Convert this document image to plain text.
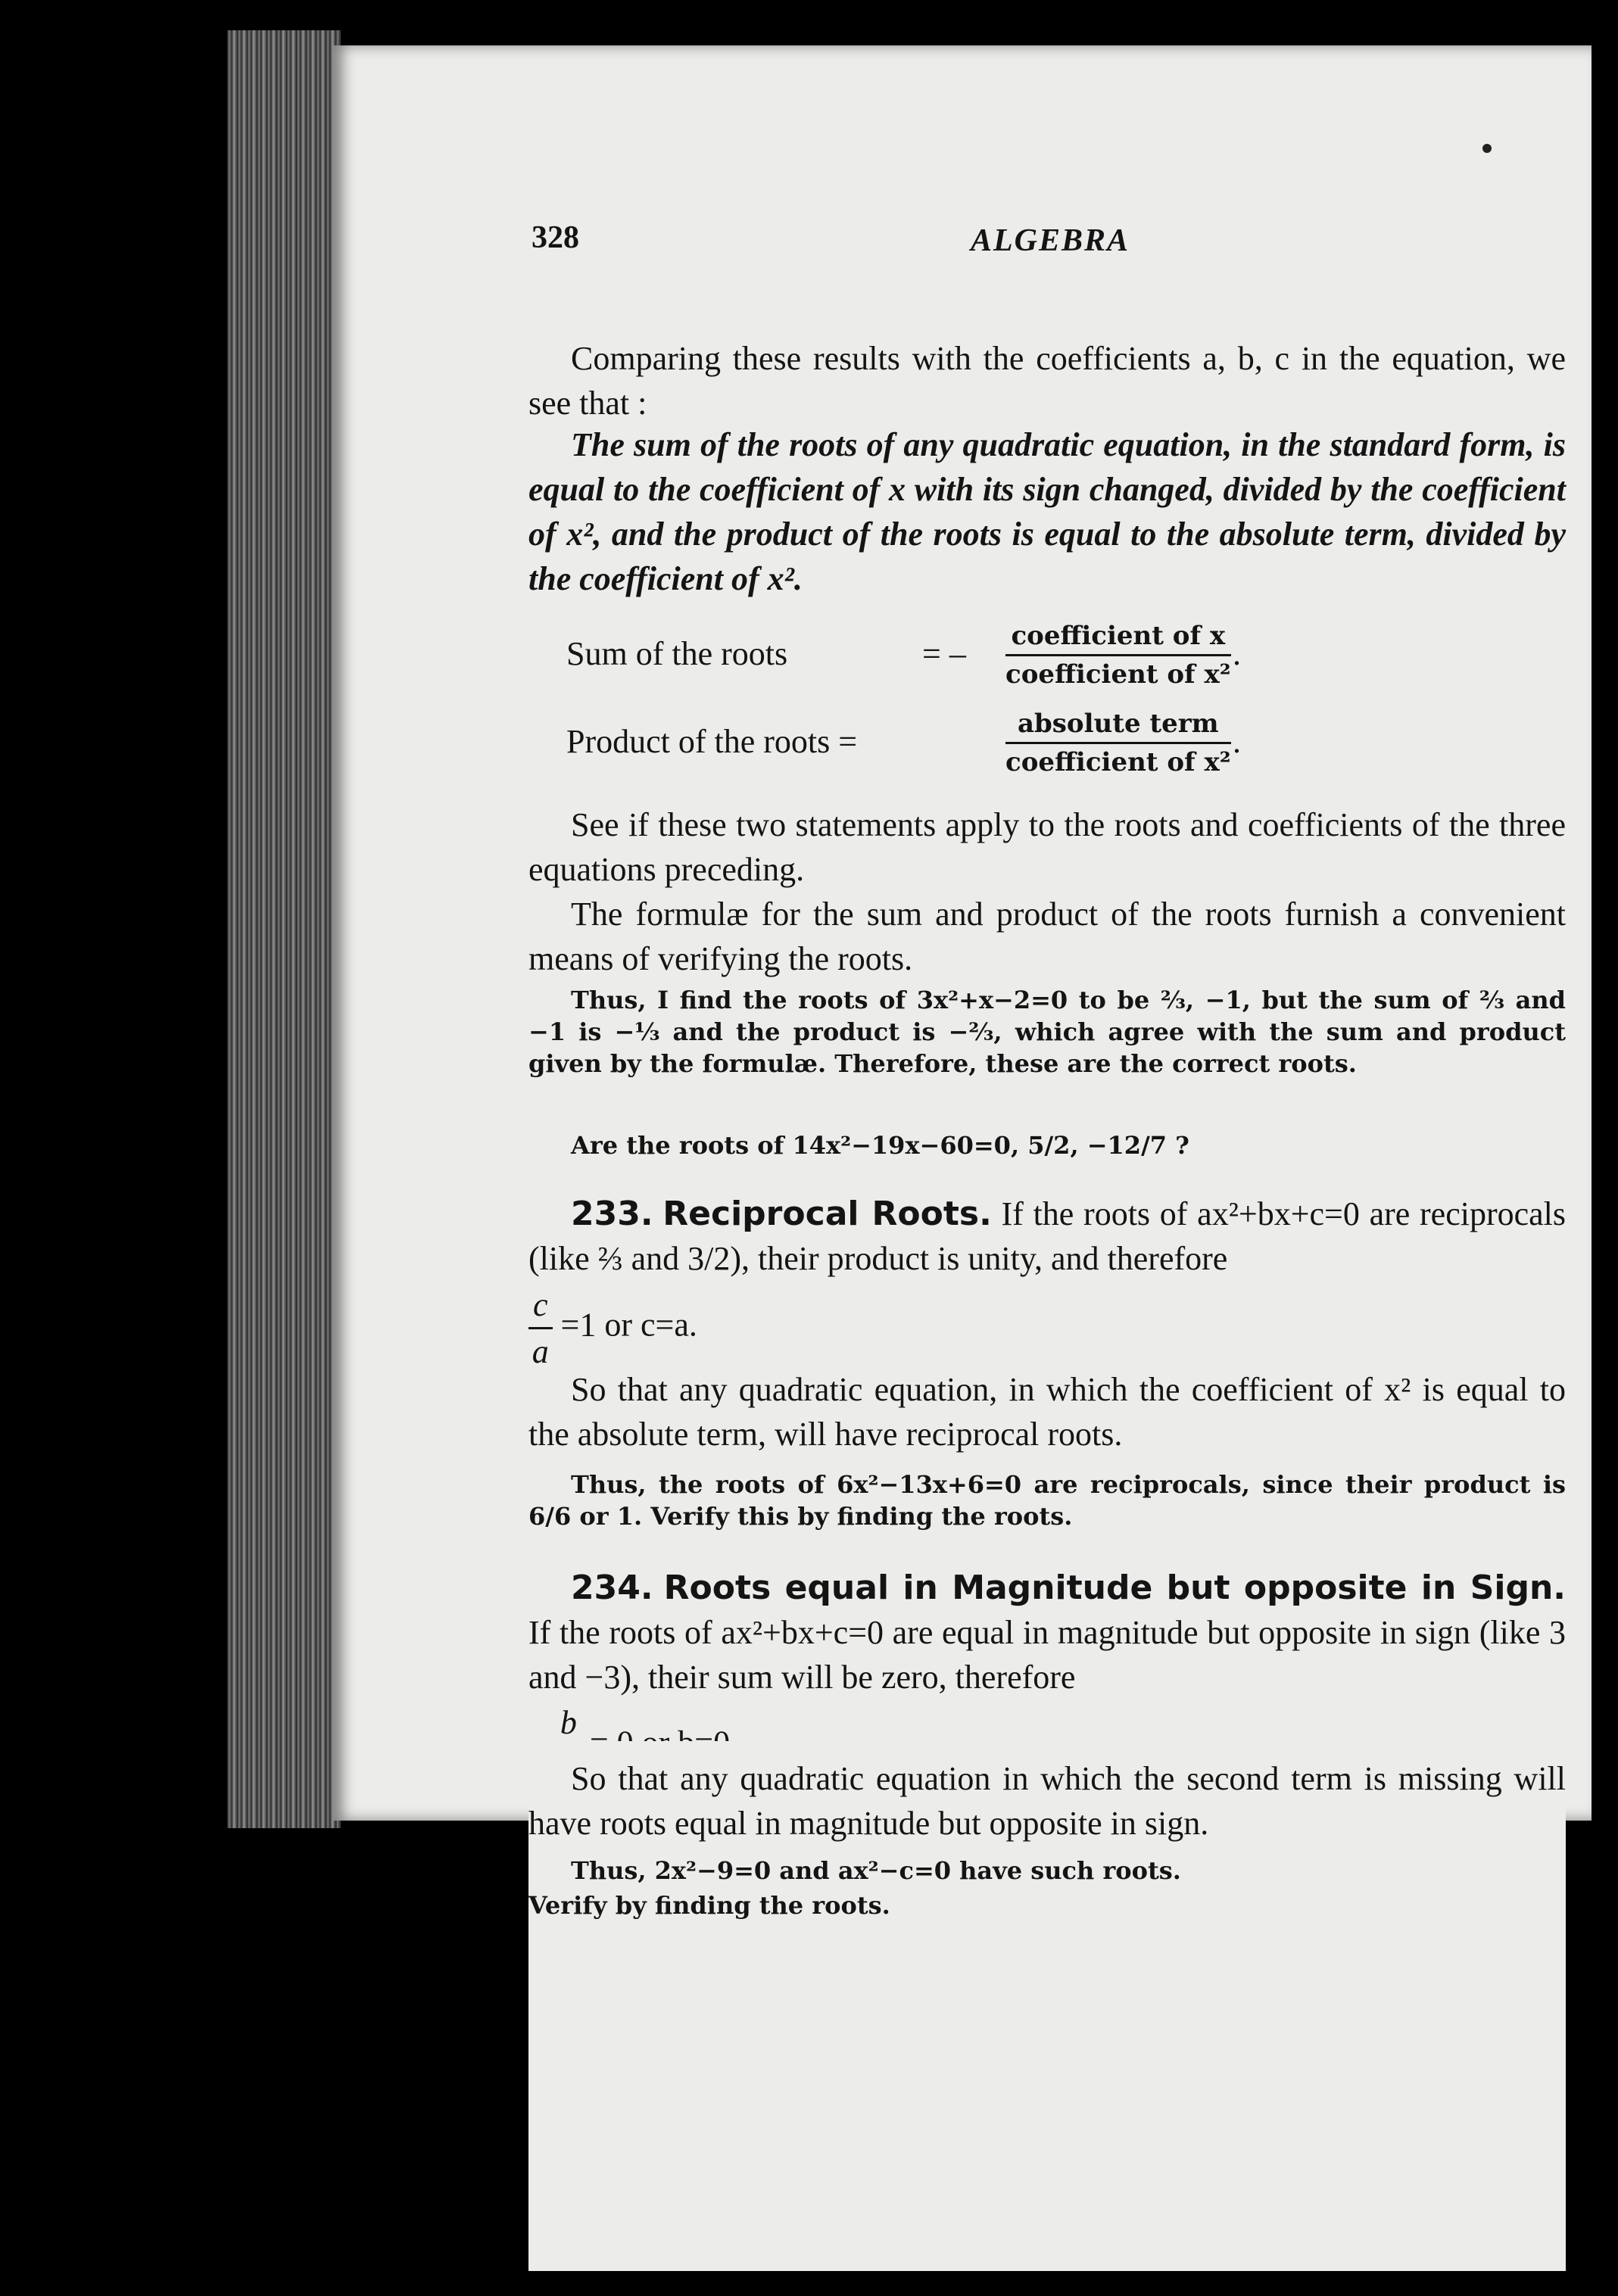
328	ALGEBRA

Comparing these results with the coefficients a, b, c in the equation, we see that :

The sum of the roots of any quadratic equation, in the standard form, is equal to the coefficient of x with its sign changed, divided by the coefficient of x², and the product of the roots is equal to the absolute term, divided by the coefficient of x².

Sum of the roots	= – coefficient of x
coefficient of x²
.
Product of the roots =	absolute term
coefficient of x²
.

See if these two statements apply to the roots and coefficients of the three equations preceding.

The formulæ for the sum and product of the roots furnish a convenient means of verifying the roots.

Thus, I find the roots of 3x²+x−2=0 to be ⅔, −1, but the sum of ⅔ and −1 is −⅓ and the product is −⅔, which agree with the sum and product given by the formulæ. Therefore, these are the correct roots.

Are the roots of 14x²−19x−60=0, 5/2, −12/7 ?

233. Reciprocal Roots. If the roots of ax²+bx+c=0 are reciprocals (like ⅔ and 3/2), their product is unity, and therefore

$\frac{c}{a} =1$ or c=a.

So that any quadratic equation, in which the coefficient of x² is equal to the absolute term, will have reciprocal roots.

Thus, the roots of 6x²−13x+6=0 are reciprocals, since their product is 6/6 or 1. Verify this by finding the roots.

234. Roots equal in Magnitude but opposite in Sign. If the roots of ax²+bx+c=0 are equal in magnitude but opposite in sign (like 3 and −3), their sum will be zero, therefore

b

So that any quadratic equation in which the second term is missing will have roots equal in magnitude but opposite in sign.

Thus, 2x²−9=0 and ax²−c=0 have such roots.

Verify by finding the roots.
